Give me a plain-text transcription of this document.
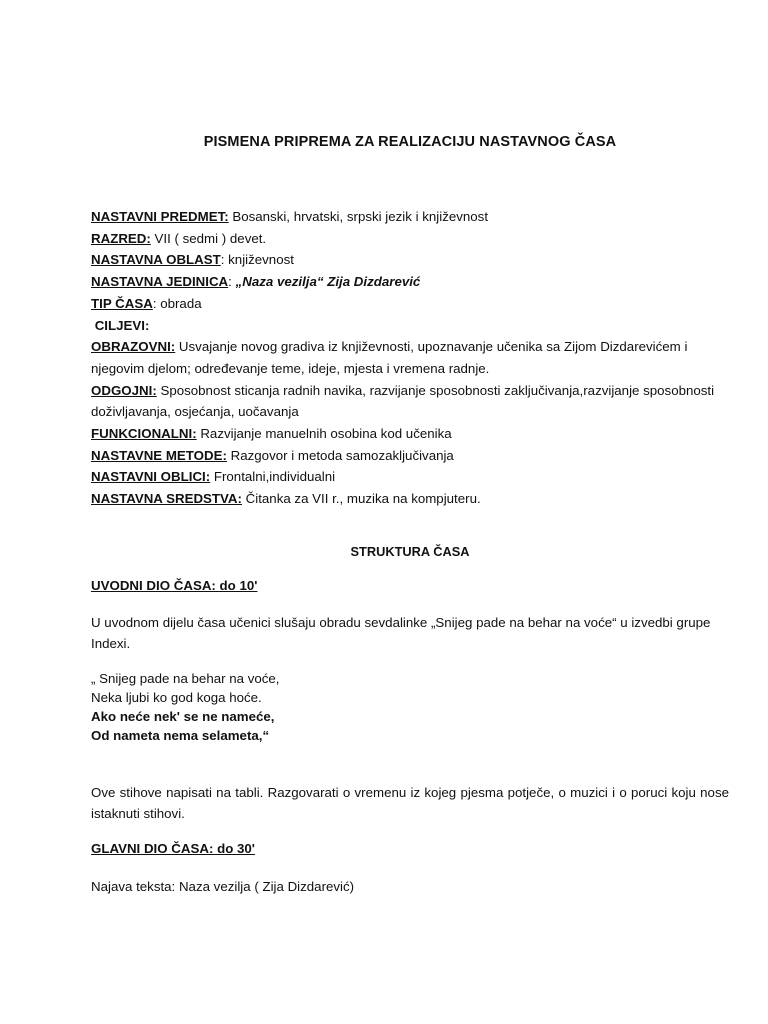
PISMENA PRIPREMA ZA REALIZACIJU NASTAVNOG ČASA
NASTAVNI PREDMET: Bosanski, hrvatski, srpski jezik i književnost
RAZRED: VII ( sedmi ) devet.
NASTAVNA OBLAST: književnost
NASTAVNA JEDINICA: „Naza vezilja“ Zija Dizdarević
TIP ČASA: obrada
CILJEVI:
OBRAZOVNI: Usvajanje novog gradiva iz književnosti, upoznavanje učenika sa Zijom Dizdarevićem i njegovim djelom; određevanje teme, ideje, mjesta i vremena radnje.
ODGOJNI: Sposobnost sticanja radnih navika, razvijanje sposobnosti zaključivanja,razvijanje sposobnosti doživljavanja, osjećanja, uočavanja
FUNKCIONALNI: Razvijanje manuelnih osobina kod učenika
NASTAVNE METODE: Razgovor i metoda samozaključivanja
NASTAVNI OBLICI: Frontalni,individualni
NASTAVNA SREDSTVA: Čitanka za VII r., muzika na kompjuteru.
STRUKTURA ČASA
UVODNI DIO ČASA: do 10'
U uvodnom dijelu časa učenici slušaju obradu sevdalinke „Snijeg pade na behar na voće“ u izvedbi grupe Indexi.
„ Snijeg pade na behar na voće,
Neka ljubi ko god koga hoće.
Ako neće nek' se ne nameće,
Od nameta nema selameta,“
Ove stihove napisati na tabli. Razgovarati o vremenu iz kojeg pjesma potječe, o muzici i o poruci koju nose istaknuti stihovi.
GLAVNI DIO ČASA: do 30'
Najava teksta: Naza vezilja ( Zija Dizdarević)
